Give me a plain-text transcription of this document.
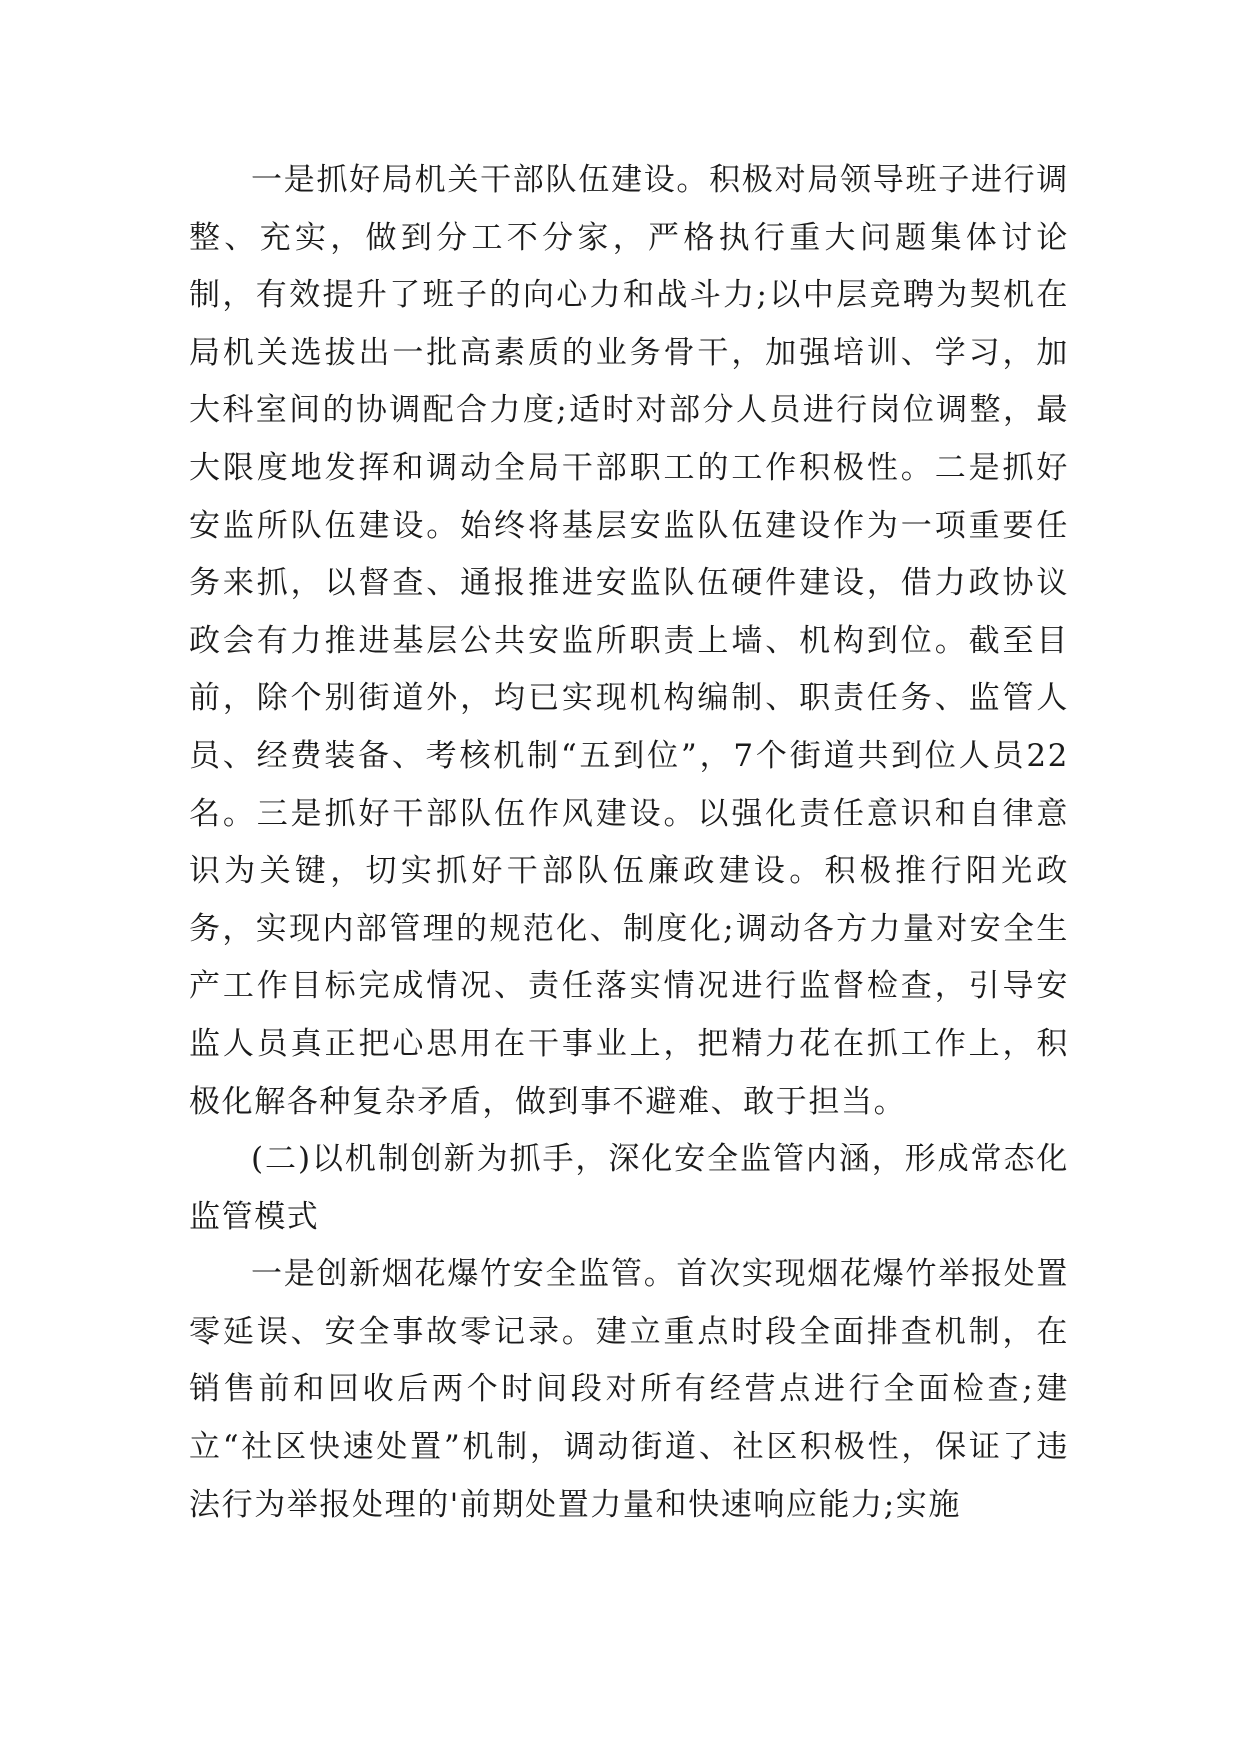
一是抓好局机关干部队伍建设。积极对局领导班子进行调整、充实，做到分工不分家，严格执行重大问题集体讨论制，有效提升了班子的向心力和战斗力;以中层竞聘为契机在局机关选拔出一批高素质的业务骨干，加强培训、学习，加大科室间的协调配合力度;适时对部分人员进行岗位调整，最大限度地发挥和调动全局干部职工的工作积极性。二是抓好安监所队伍建设。始终将基层安监队伍建设作为一项重要任务来抓，以督查、通报推进安监队伍硬件建设，借力政协议政会有力推进基层公共安监所职责上墙、机构到位。截至目前，除个别街道外，均已实现机构编制、职责任务、监管人员、经费装备、考核机制“五到位”，7个街道共到位人员22名。三是抓好干部队伍作风建设。以强化责任意识和自律意识为关键，切实抓好干部队伍廉政建设。积极推行阳光政务，实现内部管理的规范化、制度化;调动各方力量对安全生产工作目标完成情况、责任落实情况进行监督检查，引导安监人员真正把心思用在干事业上，把精力花在抓工作上，积极化解各种复杂矛盾，做到事不避难、敢于担当。

(二)以机制创新为抓手，深化安全监管内涵，形成常态化监管模式

一是创新烟花爆竹安全监管。首次实现烟花爆竹举报处置零延误、安全事故零记录。建立重点时段全面排查机制，在销售前和回收后两个时间段对所有经营点进行全面检查;建立“社区快速处置”机制，调动街道、社区积极性，保证了违法行为举报处理的'前期处置力量和快速响应能力;实施
